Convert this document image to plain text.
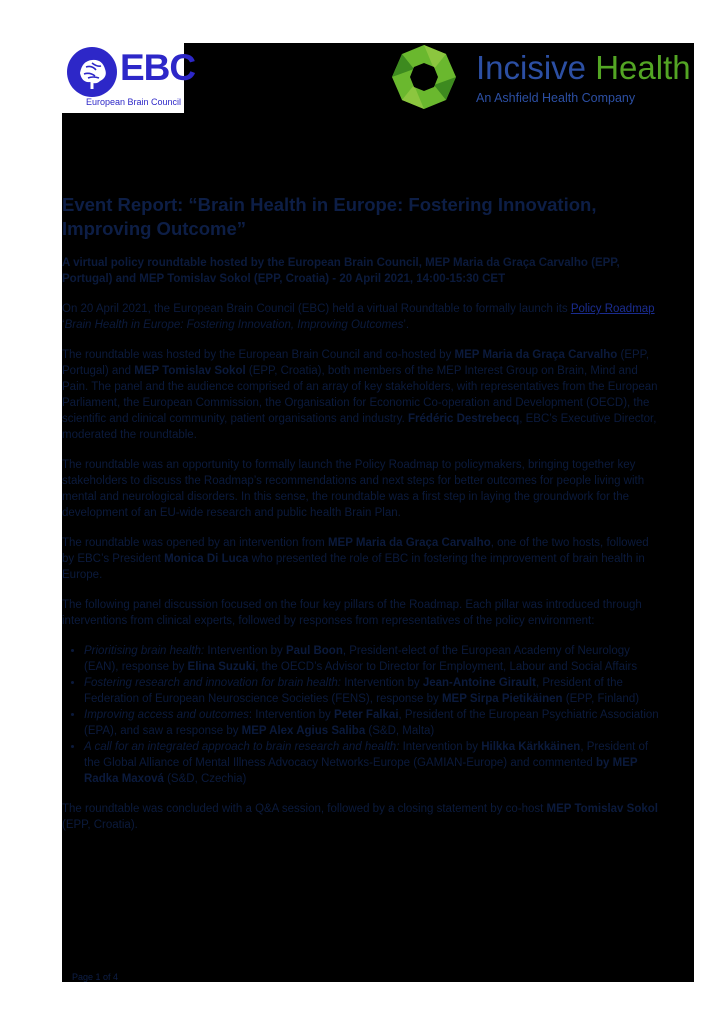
EBC
European Brain Council
Incisive Health
An Ashfield Health Company
Event Report: “Brain Health in Europe: Fostering Innovation, Improving Outcome”

A virtual policy roundtable hosted by the European Brain Council, MEP Maria da Graça Carvalho (EPP, Portugal) and MEP Tomislav Sokol (EPP, Croatia) - 20 April 2021, 14:00-15:30 CET

On 20 April 2021, the European Brain Council (EBC) held a virtual Roundtable to formally launch its Policy Roadmap ‘Brain Health in Europe: Fostering Innovation, Improving Outcomes’.

The roundtable was hosted by the European Brain Council and co-hosted by MEP Maria da Graça Carvalho (EPP, Portugal) and MEP Tomislav Sokol (EPP, Croatia), both members of the MEP Interest Group on Brain, Mind and Pain. The panel and the audience comprised of an array of key stakeholders, with representatives from the European Parliament, the European Commission, the Organisation for Economic Co-operation and Development (OECD), the scientific and clinical community, patient organisations and industry. Frédéric Destrebecq, EBC’s Executive Director, moderated the roundtable.

The roundtable was an opportunity to formally launch the Policy Roadmap to policymakers, bringing together key stakeholders to discuss the Roadmap’s recommendations and next steps for better outcomes for people living with mental and neurological disorders. In this sense, the roundtable was a first step in laying the groundwork for the development of an EU-wide research and public health Brain Plan.

The roundtable was opened by an intervention from MEP Maria da Graça Carvalho, one of the two hosts, followed by EBC’s President Monica Di Luca who presented the role of EBC in fostering the improvement of brain health in Europe.

The following panel discussion focused on the four key pillars of the Roadmap. Each pillar was introduced through interventions from clinical experts, followed by responses from representatives of the policy environment:

• Prioritising brain health: Intervention by Paul Boon, President-elect of the European Academy of Neurology (EAN), response by Elina Suzuki, the OECD’s Advisor to Director for Employment, Labour and Social Affairs
• Fostering research and innovation for brain health: Intervention by Jean-Antoine Girault, President of the Federation of European Neuroscience Societies (FENS), response by MEP Sirpa Pietikäinen (EPP, Finland)
• Improving access and outcomes: Intervention by Peter Falkai, President of the European Psychiatric Association (EPA), and saw a response by MEP Alex Agius Saliba (S&D, Malta)
• A call for an integrated approach to brain research and health: Intervention by Hilkka Kärkkäinen, President of the Global Alliance of Mental Illness Advocacy Networks-Europe (GAMIAN-Europe) and commented by MEP Radka Maxová (S&D, Czechia)

The roundtable was concluded with a Q&A session, followed by a closing statement by co-host MEP Tomislav Sokol (EPP, Croatia).

Page 1 of 4
